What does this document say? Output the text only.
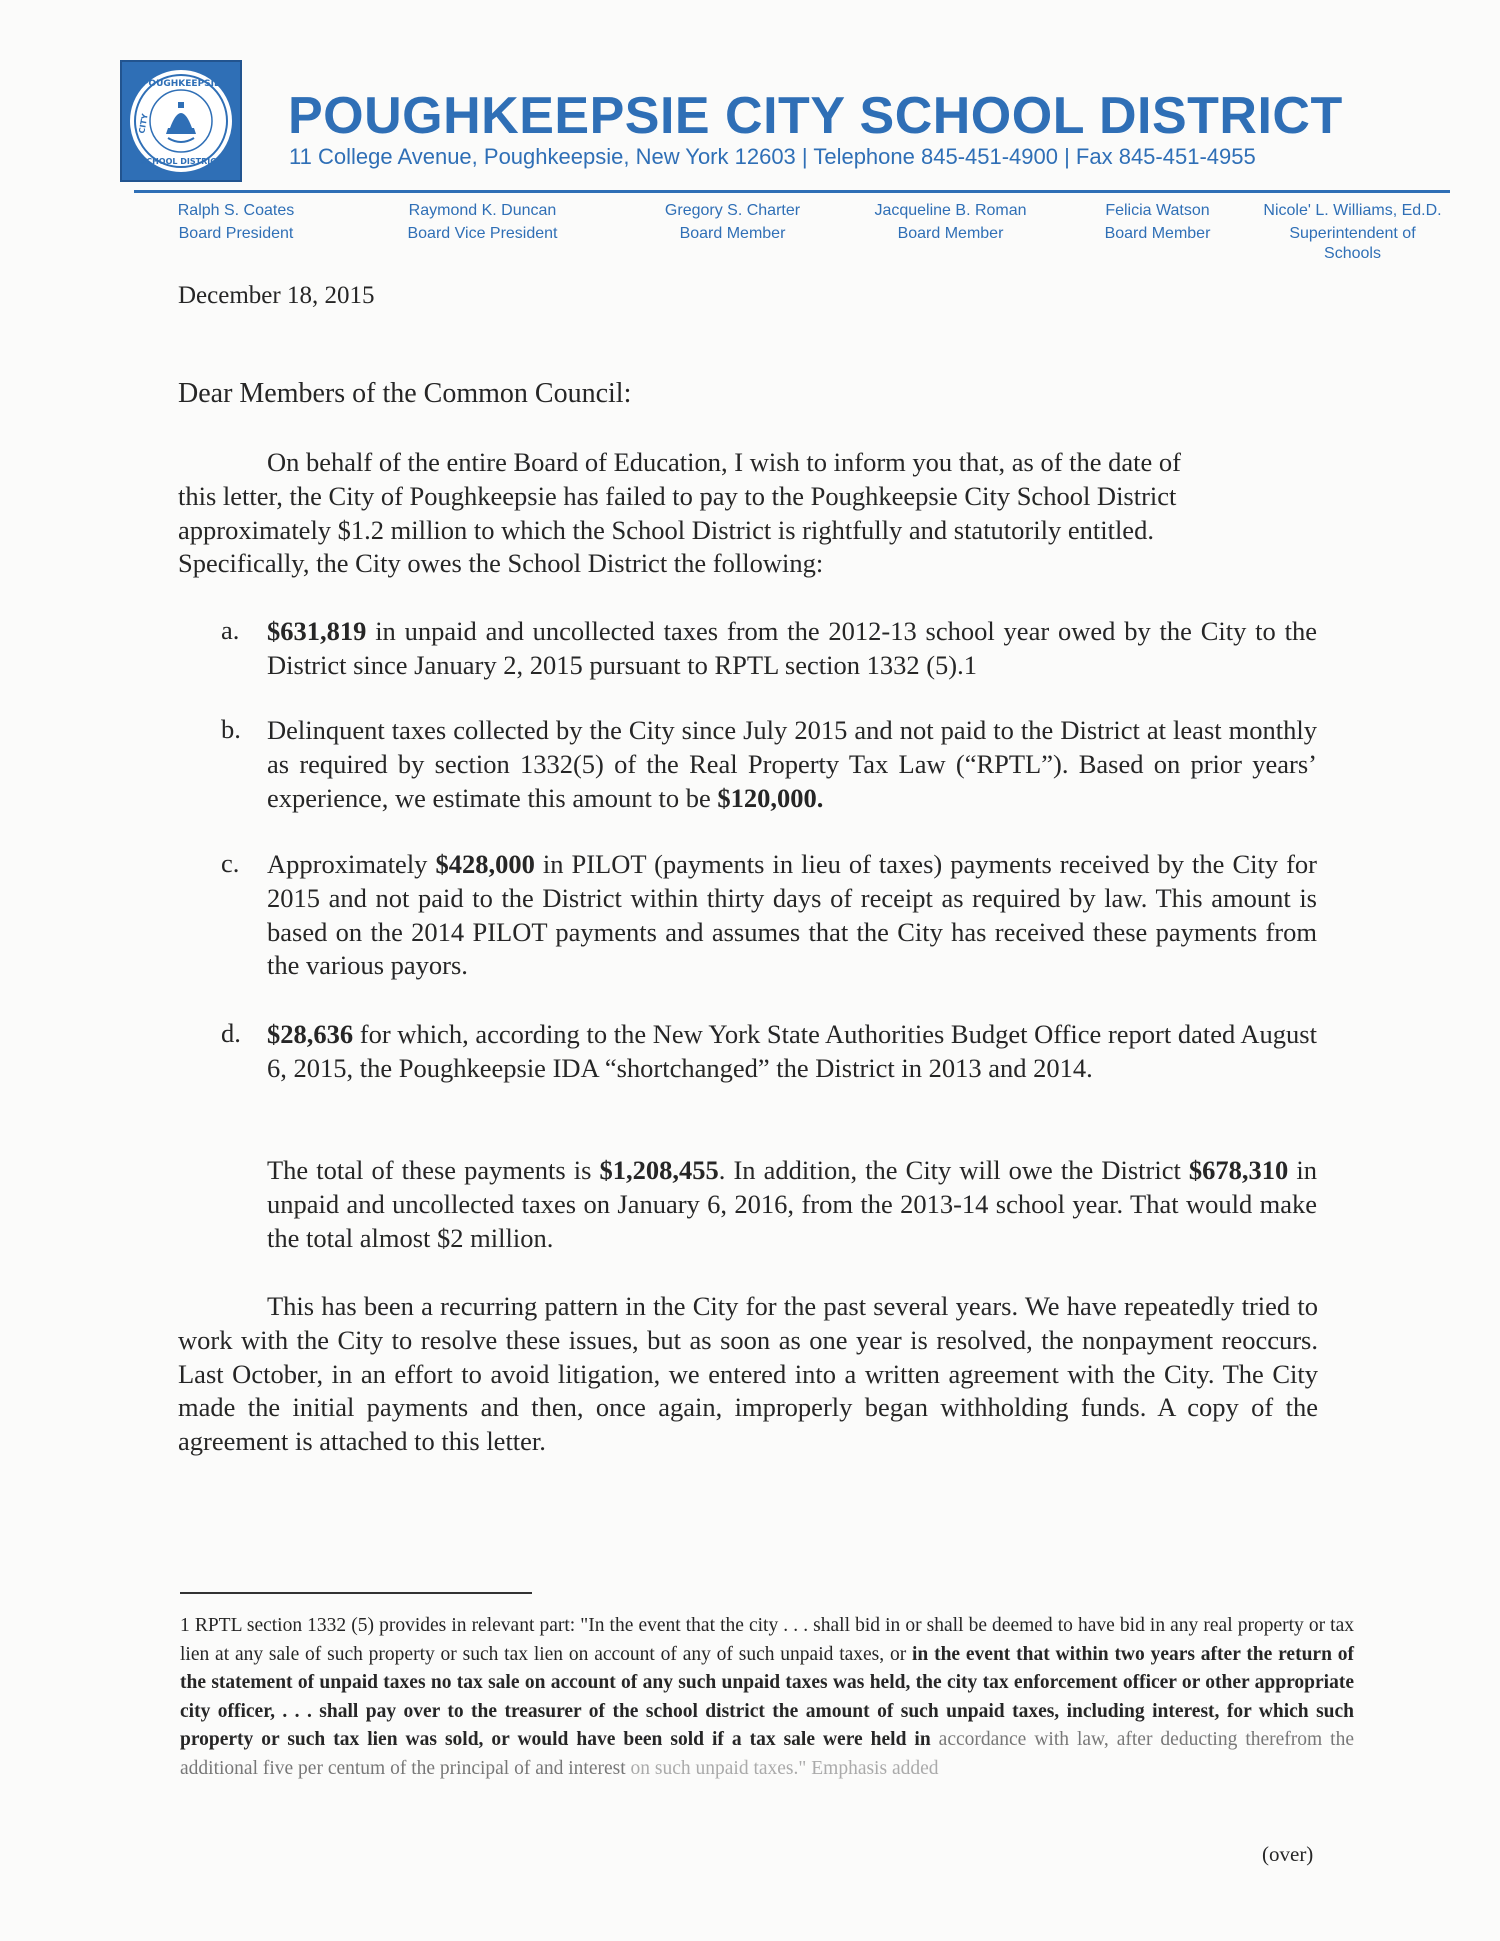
POUGHKEEPSIE
CITY
SCHOOL DISTRICT
POUGHKEEPSIE CITY SCHOOL DISTRICT
11 College Avenue, Poughkeepsie, New York 12603 | Telephone 845-451-4900 | Fax 845-451-4955
Ralph S. Coates
Board President
Raymond K. Duncan
Board Vice President
Gregory S. Charter
Board Member
Jacqueline B. Roman
Board Member
Felicia Watson
Board Member
Nicole' L. Williams, Ed.D.
Superintendent of Schools
December 18, 2015
Dear Members of the Common Council:
On behalf of the entire Board of Education, I wish to inform you that, as of the date of
this letter, the City of Poughkeepsie has failed to pay to the Poughkeepsie City School District
approximately $1.2 million to which the School District is rightfully and statutorily entitled.
Specifically, the City owes the School District the following:
a. $631,819 in unpaid and uncollected taxes from the 2012-13 school year owed by the City to the District since January 2, 2015 pursuant to RPTL section 1332 (5).1
b. Delinquent taxes collected by the City since July 2015 and not paid to the District at least monthly as required by section 1332(5) of the Real Property Tax Law (“RPTL”). Based on prior years’ experience, we estimate this amount to be $120,000.
c. Approximately $428,000 in PILOT (payments in lieu of taxes) payments received by the City for 2015 and not paid to the District within thirty days of receipt as required by law. This amount is based on the 2014 PILOT payments and assumes that the City has received these payments from the various payors.
d. $28,636 for which, according to the New York State Authorities Budget Office report dated August 6, 2015, the Poughkeepsie IDA “shortchanged” the District in 2013 and 2014.
The total of these payments is $1,208,455. In addition, the City will owe the District $678,310 in unpaid and uncollected taxes on January 6, 2016, from the 2013-14 school year. That would make the total almost $2 million.
This has been a recurring pattern in the City for the past several years. We have repeatedly tried to work with the City to resolve these issues, but as soon as one year is resolved, the nonpayment reoccurs. Last October, in an effort to avoid litigation, we entered into a written agreement with the City. The City made the initial payments and then, once again, improperly began withholding funds. A copy of the agreement is attached to this letter.
1 RPTL section 1332 (5) provides in relevant part: "In the event that the city . . . shall bid in or shall be deemed to have bid in any real property or tax lien at any sale of such property or such tax lien on account of any of such unpaid taxes, or in the event that within two years after the return of the statement of unpaid taxes no tax sale on account of any such unpaid taxes was held, the city tax enforcement officer or other appropriate city officer, . . . shall pay over to the treasurer of the school district the amount of such unpaid taxes, including interest, for which such property or such tax lien was sold, or would have been sold if a tax sale were held in accordance with law, after deducting therefrom the additional five per centum of the principal of and interest on such unpaid taxes." Emphasis added
(over)
